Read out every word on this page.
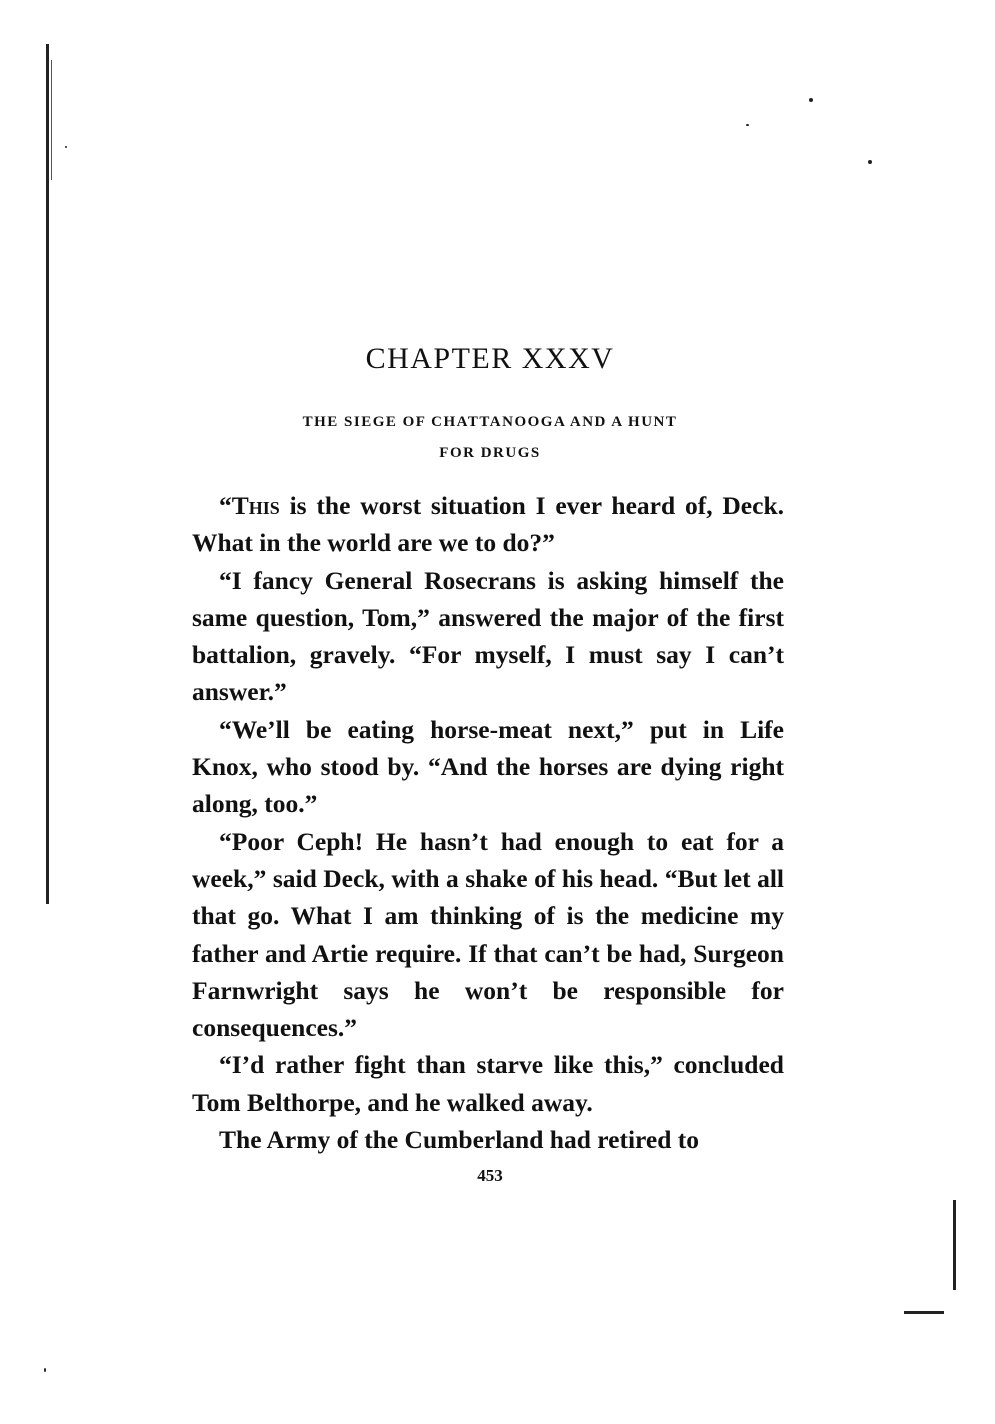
CHAPTER XXXV
THE SIEGE OF CHATTANOOGA AND A HUNT
FOR DRUGS

“This is the worst situation I ever heard of, Deck. What in the world are we to do?”

“I fancy General Rosecrans is asking himself the same question, Tom,” answered the major of the first battalion, gravely. “For myself, I must say I can’t answer.”

“We’ll be eating horse-meat next,” put in Life Knox, who stood by. “And the horses are dying right along, too.”

“Poor Ceph! He hasn’t had enough to eat for a week,” said Deck, with a shake of his head. “But let all that go. What I am thinking of is the medicine my father and Artie require. If that can’t be had, Surgeon Farnwright says he won’t be responsible for consequences.”

“I’d rather fight than starve like this,” concluded Tom Belthorpe, and he walked away.

The Army of the Cumberland had retired to

453
